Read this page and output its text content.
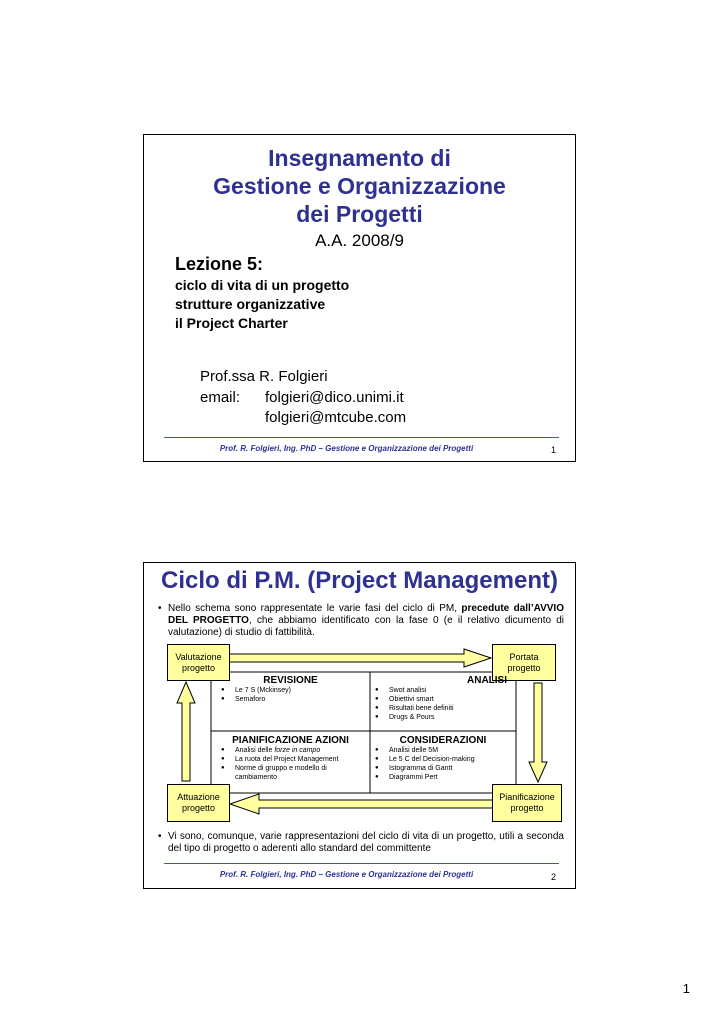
Insegnamento di
Gestione e Organizzazione
dei Progetti
A.A. 2008/9
Lezione 5:
ciclo di vita di un progetto
strutture organizzative
il Project Charter
Prof.ssa R. Folgieri
email: folgieri@dico.unimi.it
folgieri@mtcube.com
Prof. R. Folgieri, Ing. PhD – Gestione e Organizzazione dei Progetti	1
Ciclo di P.M. (Project Management)
• Nello schema sono rappresentate le varie fasi del ciclo di PM, precedute dall’AVVIO DEL PROGETTO, che abbiamo identificato con la fase 0 (e il relativo dicumento di valutazione) di studio di fattibilità.
Valutazione progetto
Portata progetto
Attuazione progetto
Pianificazione progetto
REVISIONE
● Le 7 S (Mckinsey)
● Semaforo
ANALISI
● Swot analisi
● Obiettivi smart
● Risultati bene definiti
● Drugs & Pours
PIANIFICAZIONE AZIONI
● Analisi delle forze in campo
● La ruota del Project Management
● Norme di gruppo e modello di cambiamento
CONSIDERAZIONI
● Analisi delle 5M
● Le 5 C del Decision-making
● Istogramma di Gantt
● Diagrammi Pert
• Vi sono, comunque, varie rappresentazioni del ciclo di vita di un progetto, utili a seconda del tipo di progetto o aderenti allo standard del committente
Prof. R. Folgieri, Ing. PhD – Gestione e Organizzazione dei Progetti	2
1
